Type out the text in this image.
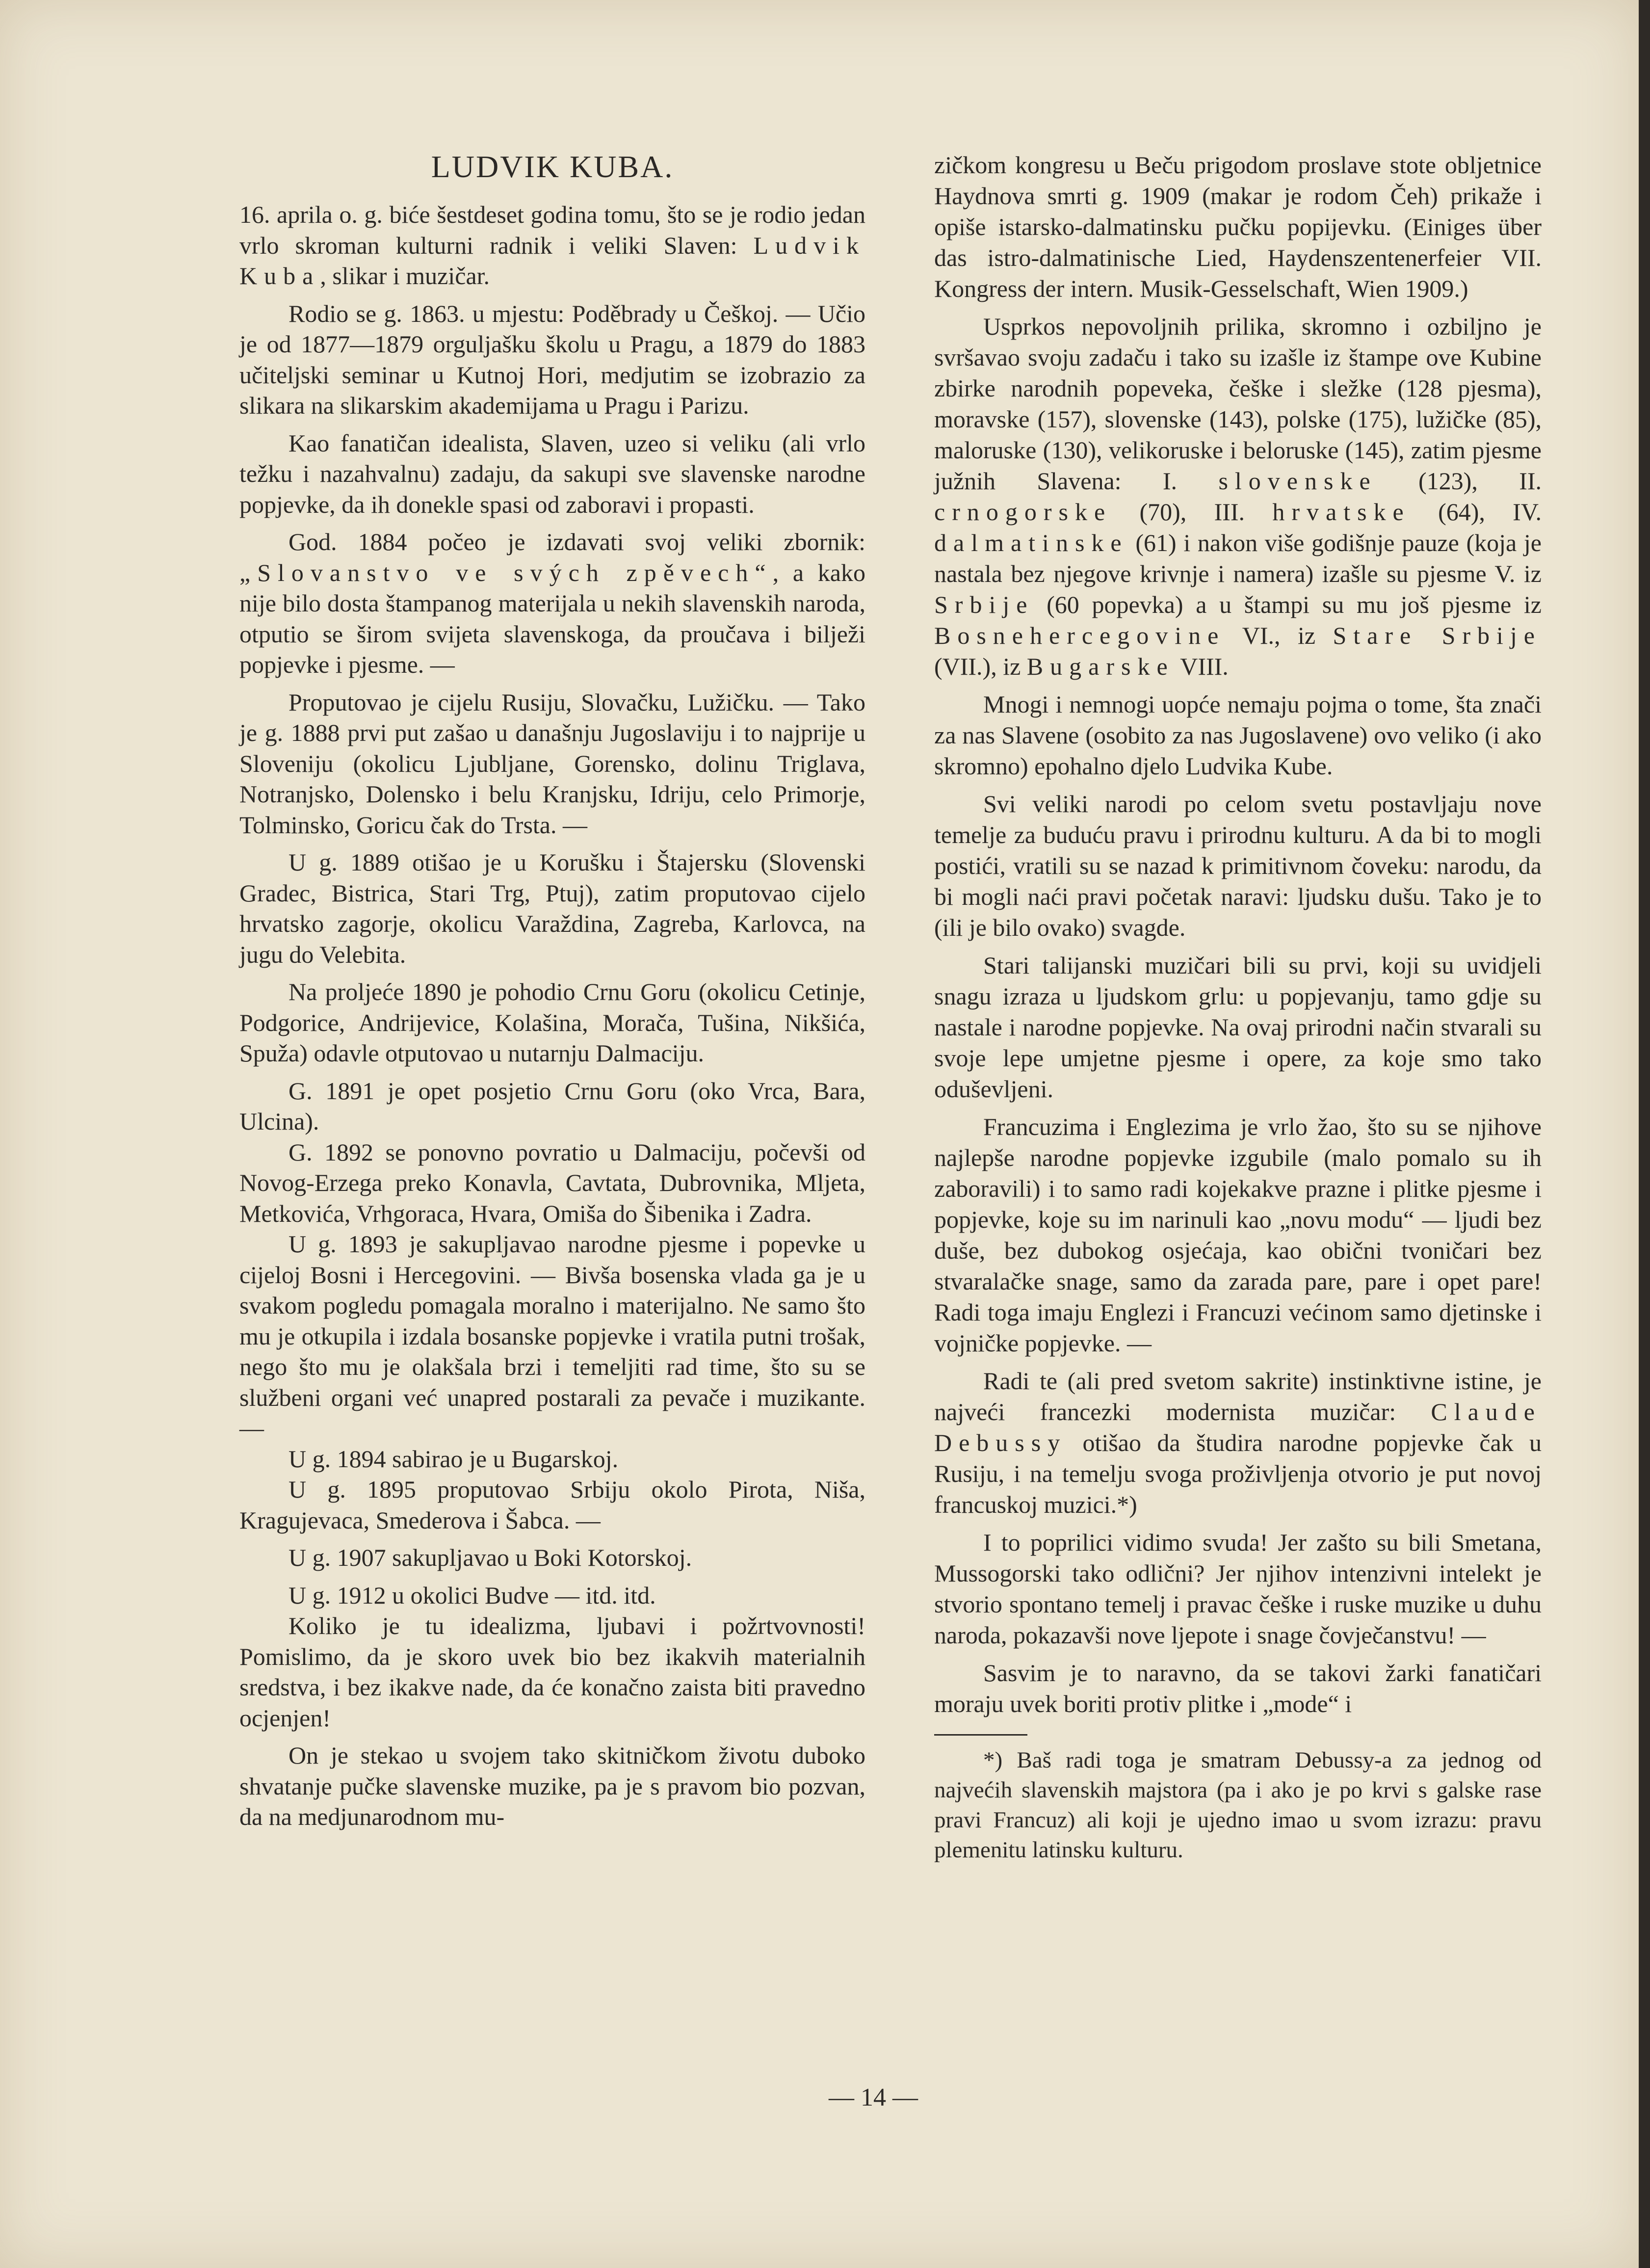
LUDVIK KUBA.

16. aprila o. g. biće šestdeset godina tomu, što se je rodio jedan vrlo skroman kulturni radnik i veliki Slaven: Ludvik Kuba, slikar i muzičar.

Rodio se g. 1863. u mjestu: Poděbrady u Češkoj. — Učio je od 1877—1879 orguljašku školu u Pragu, a 1879 do 1883 učiteljski seminar u Kutnoj Hori, medjutim se izobrazio za slikara na slikarskim akademijama u Pragu i Parizu.

Kao fanatičan idealista, Slaven, uzeo si veliku (ali vrlo težku i nazahvalnu) zadaju, da sakupi sve slavenske narodne popjevke, da ih donekle spasi od zaboravi i propasti.

God. 1884 počeo je izdavati svoj veliki zbornik: „Slovanstvo ve svých zpěvech“, a kako nije bilo dosta štampanog materijala u nekih slavenskih naroda, otputio se širom svijeta slavenskoga, da proučava i bilježi popjevke i pjesme. —

Proputovao je cijelu Rusiju, Slovačku, Lužičku. — Tako je g. 1888 prvi put zašao u današnju Jugoslaviju i to najprije u Sloveniju (okolicu Ljubljane, Gorensko, dolinu Triglava, Notranjsko, Dolensko i belu Kranjsku, Idriju, celo Primorje, Tolminsko, Goricu čak do Trsta. —

U g. 1889 otišao je u Korušku i Štajersku (Slovenski Gradec, Bistrica, Stari Trg, Ptuj), zatim proputovao cijelo hrvatsko zagorje, okolicu Varaždina, Zagreba, Karlovca, na jugu do Velebita.

Na proljeće 1890 je pohodio Crnu Goru (okolicu Cetinje, Podgorice, Andrijevice, Kolašina, Morača, Tušina, Nikšića, Spuža) odavle otputovao u nutarnju Dalmaciju.

G. 1891 je opet posjetio Crnu Goru (oko Vrca, Bara, Ulcina).

G. 1892 se ponovno povratio u Dalmaciju, počevši od Novog-Erzega preko Konavla, Cavtata, Dubrovnika, Mljeta, Metkovića, Vrhgoraca, Hvara, Omiša do Šibenika i Zadra.

U g. 1893 je sakupljavao narodne pjesme i popevke u cijeloj Bosni i Hercegovini. — Bivša bosenska vlada ga je u svakom pogledu pomagala moralno i materijalno. Ne samo što mu je otkupila i izdala bosanske popjevke i vratila putni trošak, nego što mu je olakšala brzi i temeljiti rad time, što su se službeni organi već unapred postarali za pevače i muzikante. —

U g. 1894 sabirao je u Bugarskoj.

U g. 1895 proputovao Srbiju okolo Pirota, Niša, Kragujevaca, Smederova i Šabca. —

U g. 1907 sakupljavao u Boki Kotorskoj.

U g. 1912 u okolici Budve — itd. itd.

Koliko je tu idealizma, ljubavi i požrtvovnosti! Pomislimo, da je skoro uvek bio bez ikakvih materialnih sredstva, i bez ikakve nade, da će konačno zaista biti pravedno ocjenjen!

On je stekao u svojem tako skitničkom životu duboko shvatanje pučke slavenske muzike, pa je s pravom bio pozvan, da na medjunarodnom mu-

zičkom kongresu u Beču prigodom proslave stote obljetnice Haydnova smrti g. 1909 (makar je rodom Čeh) prikaže i opiše istarsko-dalmatinsku pučku popijevku. (Einiges über das istro-dalmatinische Lied, Haydenszentenerfeier VII. Kongress der intern. Musik-Gesselschaft, Wien 1909.)

Usprkos nepovoljnih prilika, skromno i ozbiljno je svršavao svoju zadaču i tako su izašle iz štampe ove Kubine zbirke narodnih popeveka, češke i sležke (128 pjesma), moravske (157), slovenske (143), polske (175), lužičke (85), maloruske (130), velikoruske i beloruske (145), zatim pjesme južnih Slavena: I. slovenske (123), II. crnogorske (70), III. hrvatske (64), IV. dalmatinske (61) i nakon više godišnje pauze (koja je nastala bez njegove krivnje i namera) izašle su pjesme V. iz Srbije (60 popevka) a u štampi su mu još pjesme iz Bosnehercegovine VI., iz Stare Srbije (VII.), iz Bugarske VIII.

Mnogi i nemnogi uopće nemaju pojma o tome, šta znači za nas Slavene (osobito za nas Jugoslavene) ovo veliko (i ako skromno) epohalno djelo Ludvika Kube.

Svi veliki narodi po celom svetu postavljaju nove temelje za buduću pravu i prirodnu kulturu. A da bi to mogli postići, vratili su se nazad k primitivnom čoveku: narodu, da bi mogli naći pravi početak naravi: ljudsku dušu. Tako je to (ili je bilo ovako) svagde.

Stari talijanski muzičari bili su prvi, koji su uvidjeli snagu izraza u ljudskom grlu: u popjevanju, tamo gdje su nastale i narodne popjevke. Na ovaj prirodni način stvarali su svoje lepe umjetne pjesme i opere, za koje smo tako oduševljeni.

Francuzima i Englezima je vrlo žao, što su se njihove najlepše narodne popjevke izgubile (malo pomalo su ih zaboravili) i to samo radi kojekakve prazne i plitke pjesme i popjevke, koje su im narinuli kao „novu modu“ — ljudi bez duše, bez dubokog osjećaja, kao obični tvoničari bez stvaralačke snage, samo da zarada pare, pare i opet pare! Radi toga imaju Englezi i Francuzi većinom samo djetinske i vojničke popjevke. —

Radi te (ali pred svetom sakrite) instinktivne istine, je najveći francezki modernista muzičar: Claude Debussy otišao da študira narodne popjevke čak u Rusiju, i na temelju svoga proživljenja otvorio je put novoj francuskoj muzici.*)

I to poprilici vidimo svuda! Jer zašto su bili Smetana, Mussogorski tako odlični? Jer njihov intenzivni intelekt je stvorio spontano temelj i pravac češke i ruske muzike u duhu naroda, pokazavši nove ljepote i snage čovječanstvu! —

Sasvim je to naravno, da se takovi žarki fanatičari moraju uvek boriti protiv plitke i „mode“ i

*) Baš radi toga je smatram Debussy-a za jednog od najvećih slavenskih majstora (pa i ako je po krvi s galske rase pravi Francuz) ali koji je ujedno imao u svom izrazu: pravu plemenitu latinsku kulturu.

— 14 —
